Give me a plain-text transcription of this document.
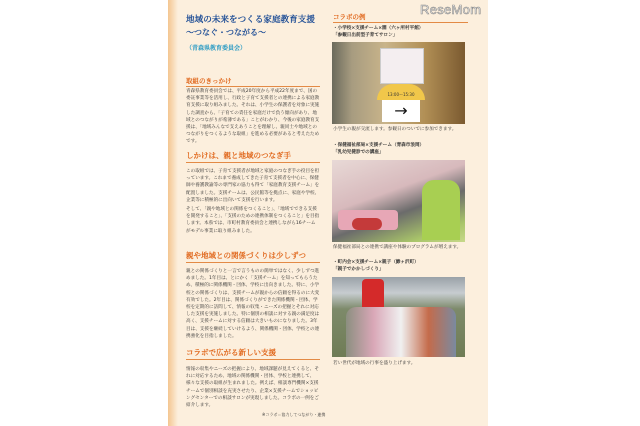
ReseMom
地域の未来をつくる家庭教育支援
〜つなぐ・つながる〜
（青森県教育委員会）
取組のきっかけ
青森県教育委員会では、平成20年度から平成22年度まで、国の委託事業等を活用し、行政と子育て支援者との連携による家庭教育支援に取り組みました。それは、小学生の保護者を対象に実施した調査から、「子育ての責任を家庭だけで負う傾向があり、地域とのつながりが希薄である」ことがわかり、今後の家庭教育支援は、「地域みんなで支えあうことを理解し、親同士や地域とのつながりをつくるような取組」を進める必要があると考えたためです。
しかけは、親と地域のつなぎ手
この取組では、子育て支援者が地域と家庭のつなぎ手の役目を担っています。これまで養成してきた子育て支援者を中心に、保健師や養護教諭等の専門家の協力も得て「家庭教育支援チーム」を配置しました。支援チームは、公民館等を拠点に、家庭や学校、企業等に積極的に出向いて支援を行います。
そして、「親や地域との関係をつくること」、「地域でできる支援を開発すること」、「支援のための連携体制をつくること」を目指します。本県では、市町村教育委員会と連携しながら16チームがモデル事業に取り組みました。
親や地域との関係づくりは少しずつ
親との関係づくりと一言で言うものの簡単ではなく、少しずつ進めました。1年目は、とにかく「支援チーム」を知ってもらうため、積極的に関係機関・団体、学校に出向きました。特に、小学校との関係づくりは、支援チームが親からの信頼を得るのに大変有効でした。2年目は、関係づくりができた関係機関・団体、学校を定期的に訪問して、情報の収集・ニーズの把握とそれに対応した支援を実施しました。特に個別の相談に対する親の満足度は高く、支援チームに対する信頼は大きいものになりました。3年目は、支援を継続していけるよう、関係機関・団体、学校との連携強化を目指しました。
コラボで広がる新しい支援
情報の収集やニーズの把握により、地域課題が見えてくると、それに対応するため、地域の関係機関・団体、学校と連携して、様々な支援の取組が生まれました。例えば、相談専門機関×支援チームで個別相談を充実させたり、企業×支援チームでショッピングセンターでの相談サロンが実現しました。コラボの一例をご紹介します。
※コラボ＝協力してつながり・連携
コラボの例
・小学校×支援チーム×園（六ヶ所村平館）
「参観日出前型子育てサロン」
13:00〜15:30
→
小学生の親が交流します。参観日のついでに参加できます。
・保健福祉部局×支援チーム（青森市浪岡）
「乳幼児健診での講座」
保健福祉部局との連携で講座や体験のプログラムが増えます。
・町内会×支援チーム×親子（鯵ヶ沢町）
「親子でかかしづくり」
若い世代が地域の行事を盛り上げます。
